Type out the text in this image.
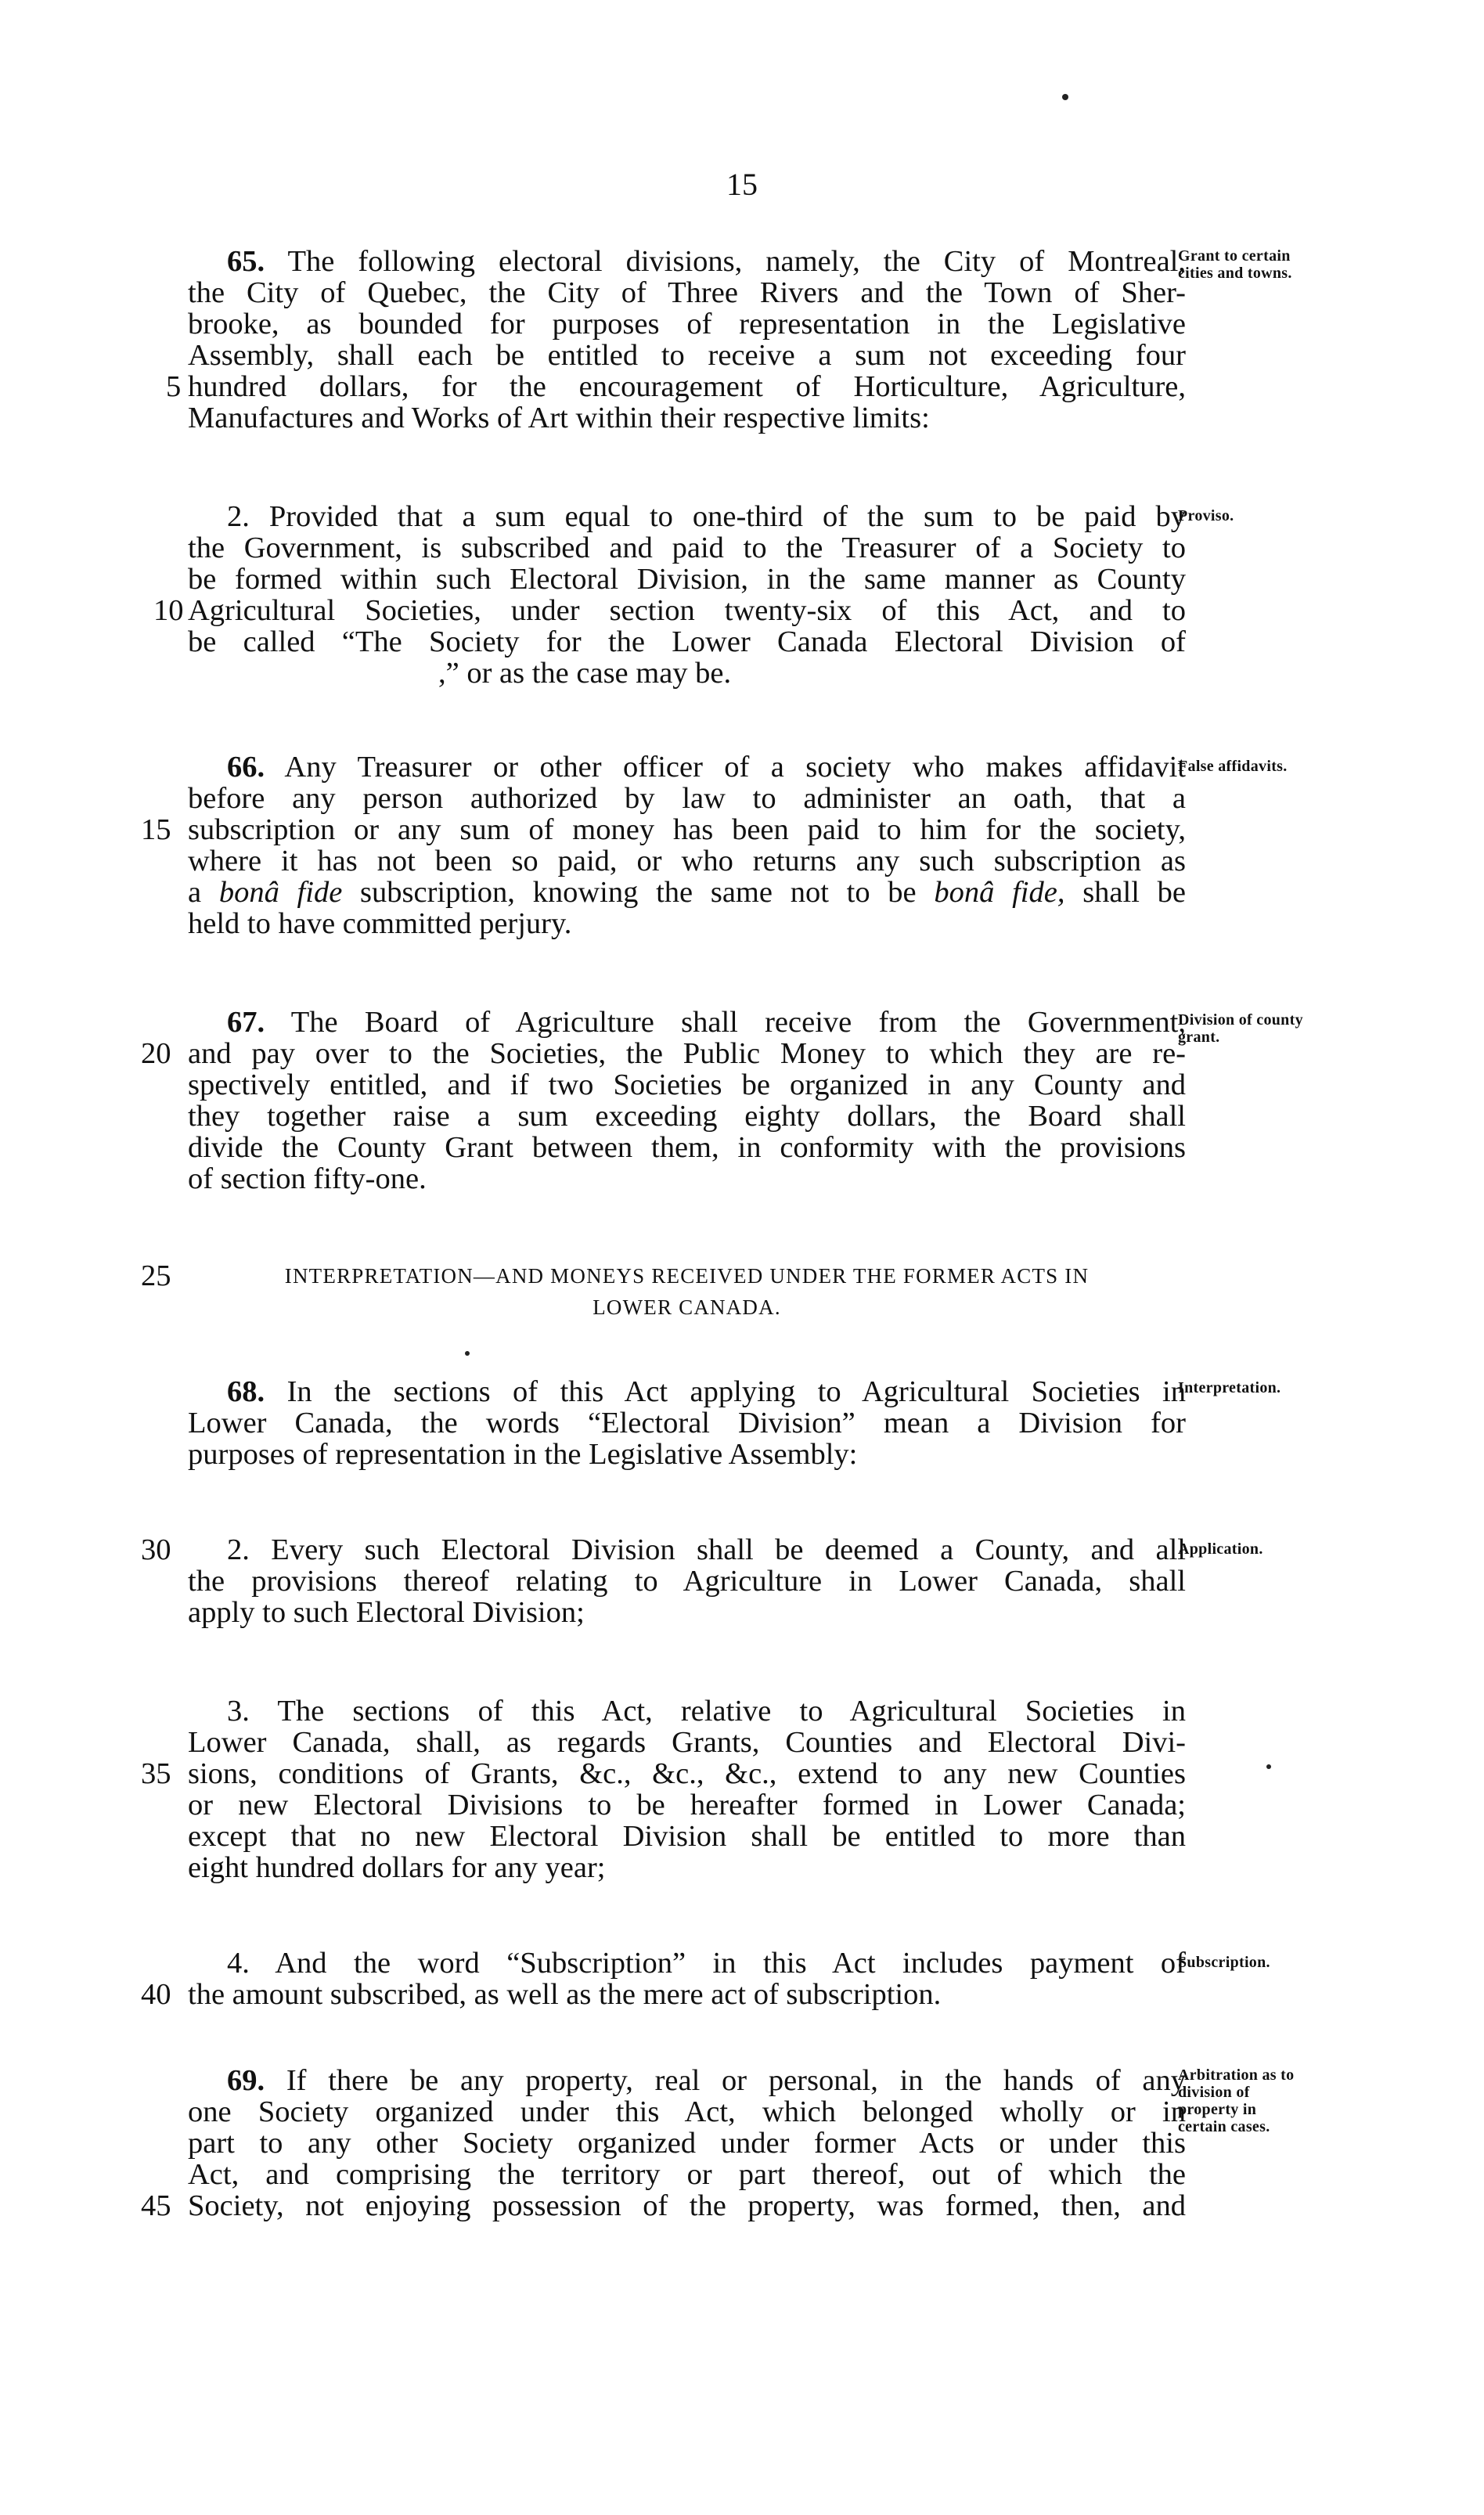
15
65. The following electoral divisions, namely, the City of Montreal,
the City of Quebec, the City of Three Rivers and the Town of Sher-
brooke, as bounded for purposes of representation in the Legislative
Assembly, shall each be entitled to receive a sum not exceeding four
5 hundred dollars, for the encouragement of Horticulture, Agriculture,
Manufactures and Works of Art within their respective limits:
Grant to certain cities and towns.
2. Provided that a sum equal to one-third of the sum to be paid by
the Government, is subscribed and paid to the Treasurer of a Society to
be formed within such Electoral Division, in the same manner as County
10 Agricultural Societies, under section twenty-six of this Act, and to
be called “The Society for the Lower Canada Electoral Division of
,” or as the case may be.
Proviso.
66. Any Treasurer or other officer of a society who makes affidavit
before any person authorized by law to administer an oath, that a
15 subscription or any sum of money has been paid to him for the society,
where it has not been so paid, or who returns any such subscription as
a bonâ fide subscription, knowing the same not to be bonâ fide, shall be
held to have committed perjury.
False affidavits.
67. The Board of Agriculture shall receive from the Government,
20 and pay over to the Societies, the Public Money to which they are re-
spectively entitled, and if two Societies be organized in any County and
they together raise a sum exceeding eighty dollars, the Board shall
divide the County Grant between them, in conformity with the provisions
of section fifty-one.
Division of county grant.
25	INTERPRETATION—AND MONEYS RECEIVED UNDER THE FORMER ACTS IN
LOWER CANADA.
68. In the sections of this Act applying to Agricultural Societies in
Lower Canada, the words “Electoral Division” mean a Division for
purposes of representation in the Legislative Assembly:
Interpretation.
30	2. Every such Electoral Division shall be deemed a County, and all
the provisions thereof relating to Agriculture in Lower Canada, shall
apply to such Electoral Division;
Application.
3. The sections of this Act, relative to Agricultural Societies in
Lower Canada, shall, as regards Grants, Counties and Electoral Divi-
35 sions, conditions of Grants, &c., &c., &c., extend to any new Counties
or new Electoral Divisions to be hereafter formed in Lower Canada;
except that no new Electoral Division shall be entitled to more than
eight hundred dollars for any year;
4. And the word “Subscription” in this Act includes payment of
40 the amount subscribed, as well as the mere act of subscription.
Subscription.
69. If there be any property, real or personal, in the hands of any
one Society organized under this Act, which belonged wholly or in
part to any other Society organized under former Acts or under this
Act, and comprising the territory or part thereof, out of which the
45 Society, not enjoying possession of the property, was formed, then, and
Arbitration as to division of property in certain cases.
